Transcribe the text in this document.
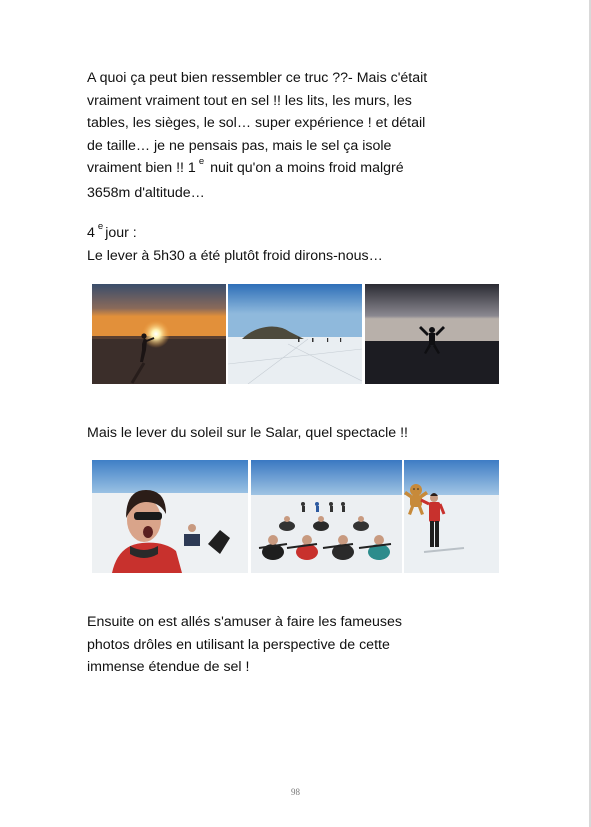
A quoi ça peut bien ressembler ce truc ??- Mais c'était
vraiment vraiment tout en sel !! les lits, les murs, les
tables, les sièges, le sol… super expérience ! et détail
de taille… je ne pensais pas, mais le sel ça isole
vraiment bien !! 1 $^e$ nuit qu'on a moins froid malgré
3658m d'altitude…
4 $^e$ jour :
Le lever à 5h30 a été plutôt froid dirons-nous…
Mais le lever du soleil sur le Salar, quel spectacle !!
Ensuite on est allés s'amuser à faire les fameuses
photos drôles en utilisant la perspective de cette
immense étendue de sel !
98
